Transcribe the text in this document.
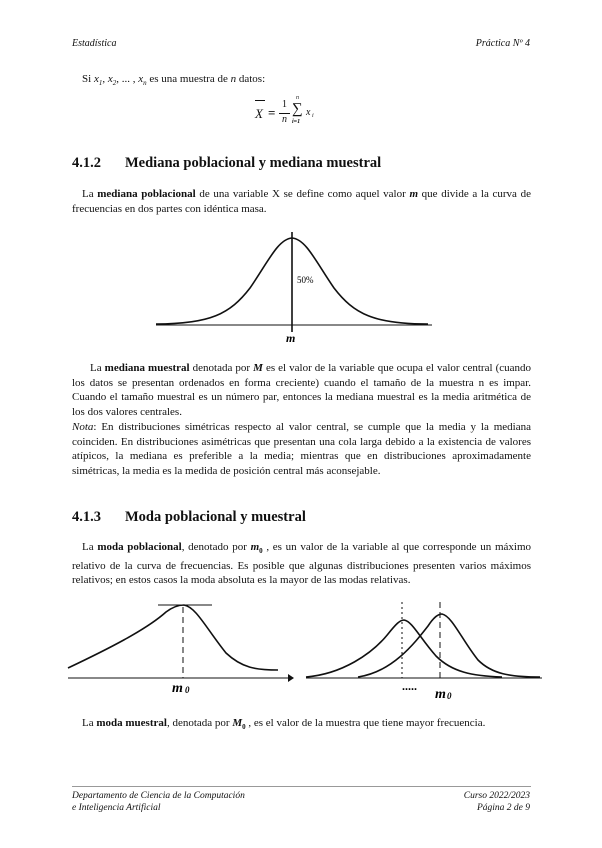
Estadística	Práctica Nº 4
Si $x_1$, $x_2$, ... , $x_n$ es una muestra de n datos:
X =
1
n
n
∑
i=1
x i
4.1.2 Mediana poblacional y mediana muestral
La mediana poblacional de una variable X se define como aquel valor m que divide a la curva de frecuencias en dos partes con idéntica masa.
50%
m
La mediana muestral denotada por M es el valor de la variable que ocupa el valor central (cuando los datos se presentan ordenados en forma creciente) cuando el tamaño de la muestra n es impar. Cuando el tamaño muestral es un número par, entonces la mediana muestral es la media aritmética de los dos valores centrales.
Nota: En distribuciones simétricas respecto al valor central, se cumple que la media y la mediana coinciden. En distribuciones asimétricas que presentan una cola larga debido a la existencia de valores atípicos, la mediana es preferible a la media; mientras que en distribuciones aproximadamente simétricas, la media es la medida de posición central más aconsejable.
4.1.3 Moda poblacional y muestral
La moda poblacional, denotado por $m_0$ , es un valor de la variable al que corresponde un máximo relativo de la curva de frecuencias. Es posible que algunas distribuciones presenten varios máximos relativos; en estos casos la moda absoluta es la mayor de las modas relativas.
m 0	.....
m 0
La moda muestral, denotada por $M_0$ , es el valor de la muestra que tiene mayor frecuencia.
Departamento de Ciencia de la Computación
e Inteligencia Artificial
Curso 2022/2023
Página 2 de 9
